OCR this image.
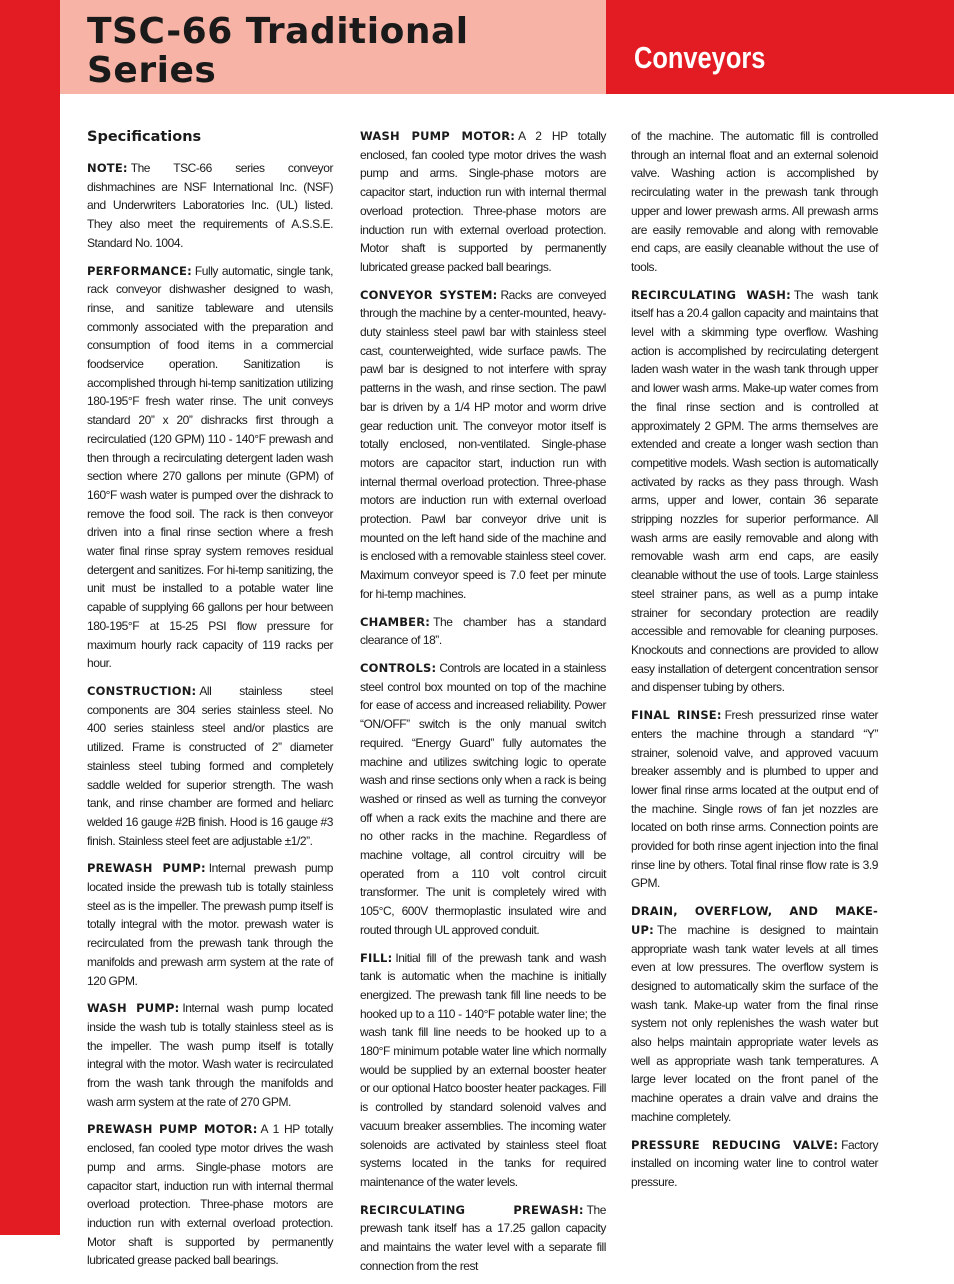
TSC-66 Traditional
Series	Conveyors
Specifications

NOTE: The TSC-66 series conveyor dishmachines are NSF International Inc. (NSF) and Underwriters Laboratories Inc. (UL) listed. They also meet the requirements of A.S.S.E. Standard No. 1004.

PERFORMANCE: Fully automatic, single tank, rack conveyor dishwasher designed to wash, rinse, and sanitize tableware and utensils commonly associated with the preparation and consumption of food items in a commercial foodservice operation. Sanitization is accomplished through hi-temp sanitization utilizing 180-195°F fresh water rinse. The unit conveys standard 20” x 20” dishracks first through a recirculatied (120 GPM) 110 - 140°F prewash and then through a recirculating detergent laden wash section where 270 gallons per minute (GPM) of 160°F wash water is pumped over the dishrack to remove the food soil. The rack is then conveyor driven into a final rinse section where a fresh water final rinse spray system removes residual detergent and sanitizes. For hi-temp sanitizing, the unit must be installed to a potable water line capable of supplying 66 gallons per hour between 180-195°F at 15-25 PSI flow pressure for maximum hourly rack capacity of 119 racks per hour.

CONSTRUCTION: All stainless steel components are 304 series stainless steel. No 400 series stainless steel and/or plastics are utilized. Frame is constructed of 2” diameter stainless steel tubing formed and completely saddle welded for superior strength. The wash tank, and rinse chamber are formed and heliarc welded 16 gauge #2B finish. Hood is 16 gauge #3 finish. Stainless steel feet are adjustable ±1/2”.

PREWASH PUMP: Internal prewash pump located inside the prewash tub is totally stainless steel as is the impeller. The prewash pump itself is totally integral with the motor. prewash water is recirculated from the prewash tank through the manifolds and prewash arm system at the rate of 120 GPM.

WASH PUMP: Internal wash pump located inside the wash tub is totally stainless steel as is the impeller. The wash pump itself is totally integral with the motor. Wash water is recirculated from the wash tank through the manifolds and wash arm system at the rate of 270 GPM.

PREWASH PUMP MOTOR: A 1 HP totally enclosed, fan cooled type motor drives the wash pump and arms. Single-phase motors are capacitor start, induction run with internal thermal overload protection. Three-phase motors are induction run with external overload protection. Motor shaft is supported by permanently lubricated grease packed ball bearings.

WASH PUMP MOTOR: A 2 HP totally enclosed, fan cooled type motor drives the wash pump and arms. Single-phase motors are capacitor start, induction run with internal thermal overload protection. Three-phase motors are induction run with external overload protection. Motor shaft is supported by permanently lubricated grease packed ball bearings.

CONVEYOR SYSTEM: Racks are conveyed through the machine by a center-mounted, heavy-duty stainless steel pawl bar with stainless steel cast, counterweighted, wide surface pawls. The pawl bar is designed to not interfere with spray patterns in the wash, and rinse section. The pawl bar is driven by a 1/4 HP motor and worm drive gear reduction unit. The conveyor motor itself is totally enclosed, non-ventilated. Single-phase motors are capacitor start, induction run with internal thermal overload protection. Three-phase motors are induction run with external overload protection. Pawl bar conveyor drive unit is mounted on the left hand side of the machine and is enclosed with a removable stainless steel cover. Maximum conveyor speed is 7.0 feet per minute for hi-temp machines.

CHAMBER: The chamber has a standard clearance of 18”.

CONTROLS: Controls are located in a stainless steel control box mounted on top of the machine for ease of access and increased reliability. Power “ON/OFF” switch is the only manual switch required. “Energy Guard” fully automates the machine and utilizes switching logic to operate wash and rinse sections only when a rack is being washed or rinsed as well as turning the conveyor off when a rack exits the machine and there are no other racks in the machine. Regardless of machine voltage, all control circuitry will be operated from a 110 volt control circuit transformer. The unit is completely wired with 105°C, 600V thermoplastic insulated wire and routed through UL approved conduit.

FILL: Initial fill of the prewash tank and wash tank is automatic when the machine is initially energized. The prewash tank fill line needs to be hooked up to a 110 - 140°F potable water line; the wash tank fill line needs to be hooked up to a 180°F minimum potable water line which normally would be supplied by an external booster heater or our optional Hatco booster heater packages. Fill is controlled by standard solenoid valves and vacuum breaker assemblies. The incoming water solenoids are activated by stainless steel float systems located in the tanks for required maintenance of the water levels.

RECIRCULATING PREWASH: The prewash tank itself has a 17.25 gallon capacity and maintains the water level with a separate fill connection from the rest

of the machine. The automatic fill is controlled through an internal float and an external solenoid valve. Washing action is accomplished by recirculating water in the prewash tank through upper and lower prewash arms. All prewash arms are easily removable and along with removable end caps, are easily cleanable without the use of tools.

RECIRCULATING WASH: The wash tank itself has a 20.4 gallon capacity and maintains that level with a skimming type overflow. Washing action is accomplished by recirculating detergent laden wash water in the wash tank through upper and lower wash arms. Make-up water comes from the final rinse section and is controlled at approximately 2 GPM. The arms themselves are extended and create a longer wash section than competitive models. Wash section is automatically activated by racks as they pass through. Wash arms, upper and lower, contain 36 separate stripping nozzles for superior performance. All wash arms are easily removable and along with removable wash arm end caps, are easily cleanable without the use of tools. Large stainless steel strainer pans, as well as a pump intake strainer for secondary protection are readily accessible and removable for cleaning purposes. Knockouts and connections are provided to allow easy installation of detergent concentration sensor and dispenser tubing by others.

FINAL RINSE: Fresh pressurized rinse water enters the machine through a standard “Y” strainer, solenoid valve, and approved vacuum breaker assembly and is plumbed to upper and lower final rinse arms located at the output end of the machine. Single rows of fan jet nozzles are located on both rinse arms. Connection points are provided for both rinse agent injection into the final rinse line by others. Total final rinse flow rate is 3.9 GPM.

DRAIN, OVERFLOW, AND MAKE-UP: The machine is designed to maintain appropriate wash tank water levels at all times even at low pressures. The overflow system is designed to automatically skim the surface of the wash tank. Make-up water from the final rinse system not only replenishes the wash water but also helps maintain appropriate water levels as well as appropriate wash tank temperatures. A large lever located on the front panel of the machine operates a drain valve and drains the machine completely.

PRESSURE REDUCING VALVE: Factory installed on incoming water line to control water pressure.
